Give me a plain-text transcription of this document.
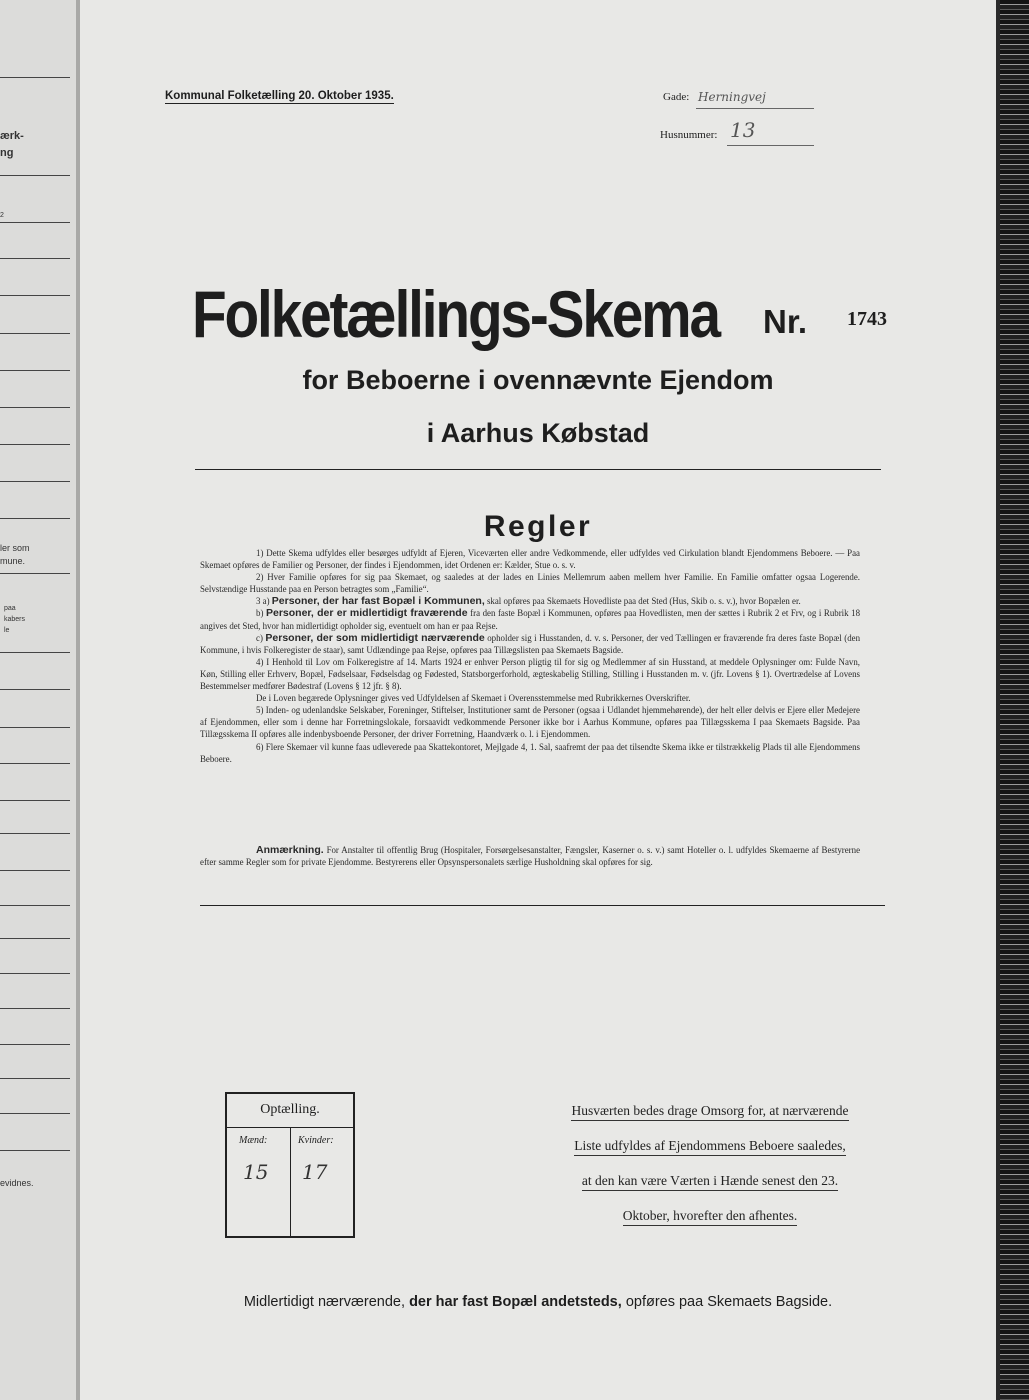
ærk-
ng
2
ler som
mune.
paa
kabers
le
evidnes.
Kommunal Folketælling 20. Oktober 1935.	Gade: Herningvej
Husnummer: 13
Folketællings-Skema Nr. 1743
for Beboerne i ovennævnte Ejendom
i Aarhus Købstad
Regler

1) Dette Skema udfyldes eller besørges udfyldt af Ejeren, Viceværten eller andre Vedkommende, eller udfyldes ved Cirkulation blandt Ejendommens Beboere. — Paa Skemaet opføres de Familier og Personer, der findes i Ejendommen, idet Ordenen er: Kælder, Stue o. s. v.

2) Hver Familie opføres for sig paa Skemaet, og saaledes at der lades en Linies Mellemrum aaben mellem hver Familie. En Familie omfatter ogsaa Logerende. Selvstændige Husstande paa en Person betragtes som „Familie“.

3 a) Personer, der har fast Bopæl i Kommunen, skal opføres paa Skemaets Hovedliste paa det Sted (Hus, Skib o. s. v.), hvor Bopælen er.

b) Personer, der er midlertidigt fraværende fra den faste Bopæl i Kommunen, opføres paa Hovedlisten, men der sættes i Rubrik 2 et Frv, og i Rubrik 18 angives det Sted, hvor han midlertidigt opholder sig, eventuelt om han er paa Rejse.

c) Personer, der som midlertidigt nærværende opholder sig i Husstanden, d. v. s. Personer, der ved Tællingen er fraværende fra deres faste Bopæl (den Kommune, i hvis Folkeregister de staar), samt Udlændinge paa Rejse, opføres paa Tillægslisten paa Skemaets Bagside.

4) I Henhold til Lov om Folkeregistre af 14. Marts 1924 er enhver Person pligtig til for sig og Medlemmer af sin Husstand, at meddele Oplysninger om: Fulde Navn, Køn, Stilling eller Erhverv, Bopæl, Fødselsaar, Fødselsdag og Fødested, Statsborgerforhold, ægteskabelig Stilling, Stilling i Husstanden m. v. (jfr. Lovens § 1). Overtrædelse af Lovens Bestemmelser medfører Bødestraf (Lovens § 12 jfr. § 8).

De i Loven begærede Oplysninger gives ved Udfyldelsen af Skemaet i Overensstemmelse med Rubrikkernes Overskrifter.

5) Inden- og udenlandske Selskaber, Foreninger, Stiftelser, Institutioner samt de Personer (ogsaa i Udlandet hjemmehørende), der helt eller delvis er Ejere eller Medejere af Ejendommen, eller som i denne har Forretningslokale, forsaavidt vedkommende Personer ikke bor i Aarhus Kommune, opføres paa Tillægsskema I paa Skemaets Bagside. Paa Tillægsskema II opføres alle indenbysboende Personer, der driver Forretning, Haandværk o. l. i Ejendommen.

6) Flere Skemaer vil kunne faas udleverede paa Skattekontoret, Mejlgade 4, 1. Sal, saafremt der paa det tilsendte Skema ikke er tilstrækkelig Plads til alle Ejendommens Beboere.

Anmærkning. For Anstalter til offentlig Brug (Hospitaler, Forsørgelsesanstalter, Fængsler, Kaserner o. s. v.) samt Hoteller o. l. udfyldes Skemaerne af Bestyrerne efter samme Regler som for private Ejendomme. Bestyrerens eller Opsynspersonalets særlige Husholdning skal opføres for sig.
Optælling.
Mænd:	Kvinder:
15 17
Husværten bedes drage Omsorg for, at nærværende
Liste udfyldes af Ejendommens Beboere saaledes,
at den kan være Værten i Hænde senest den 23.
Oktober, hvorefter den afhentes.
Midlertidigt nærværende, der har fast Bopæl andetsteds, opføres paa Skemaets Bagside.
